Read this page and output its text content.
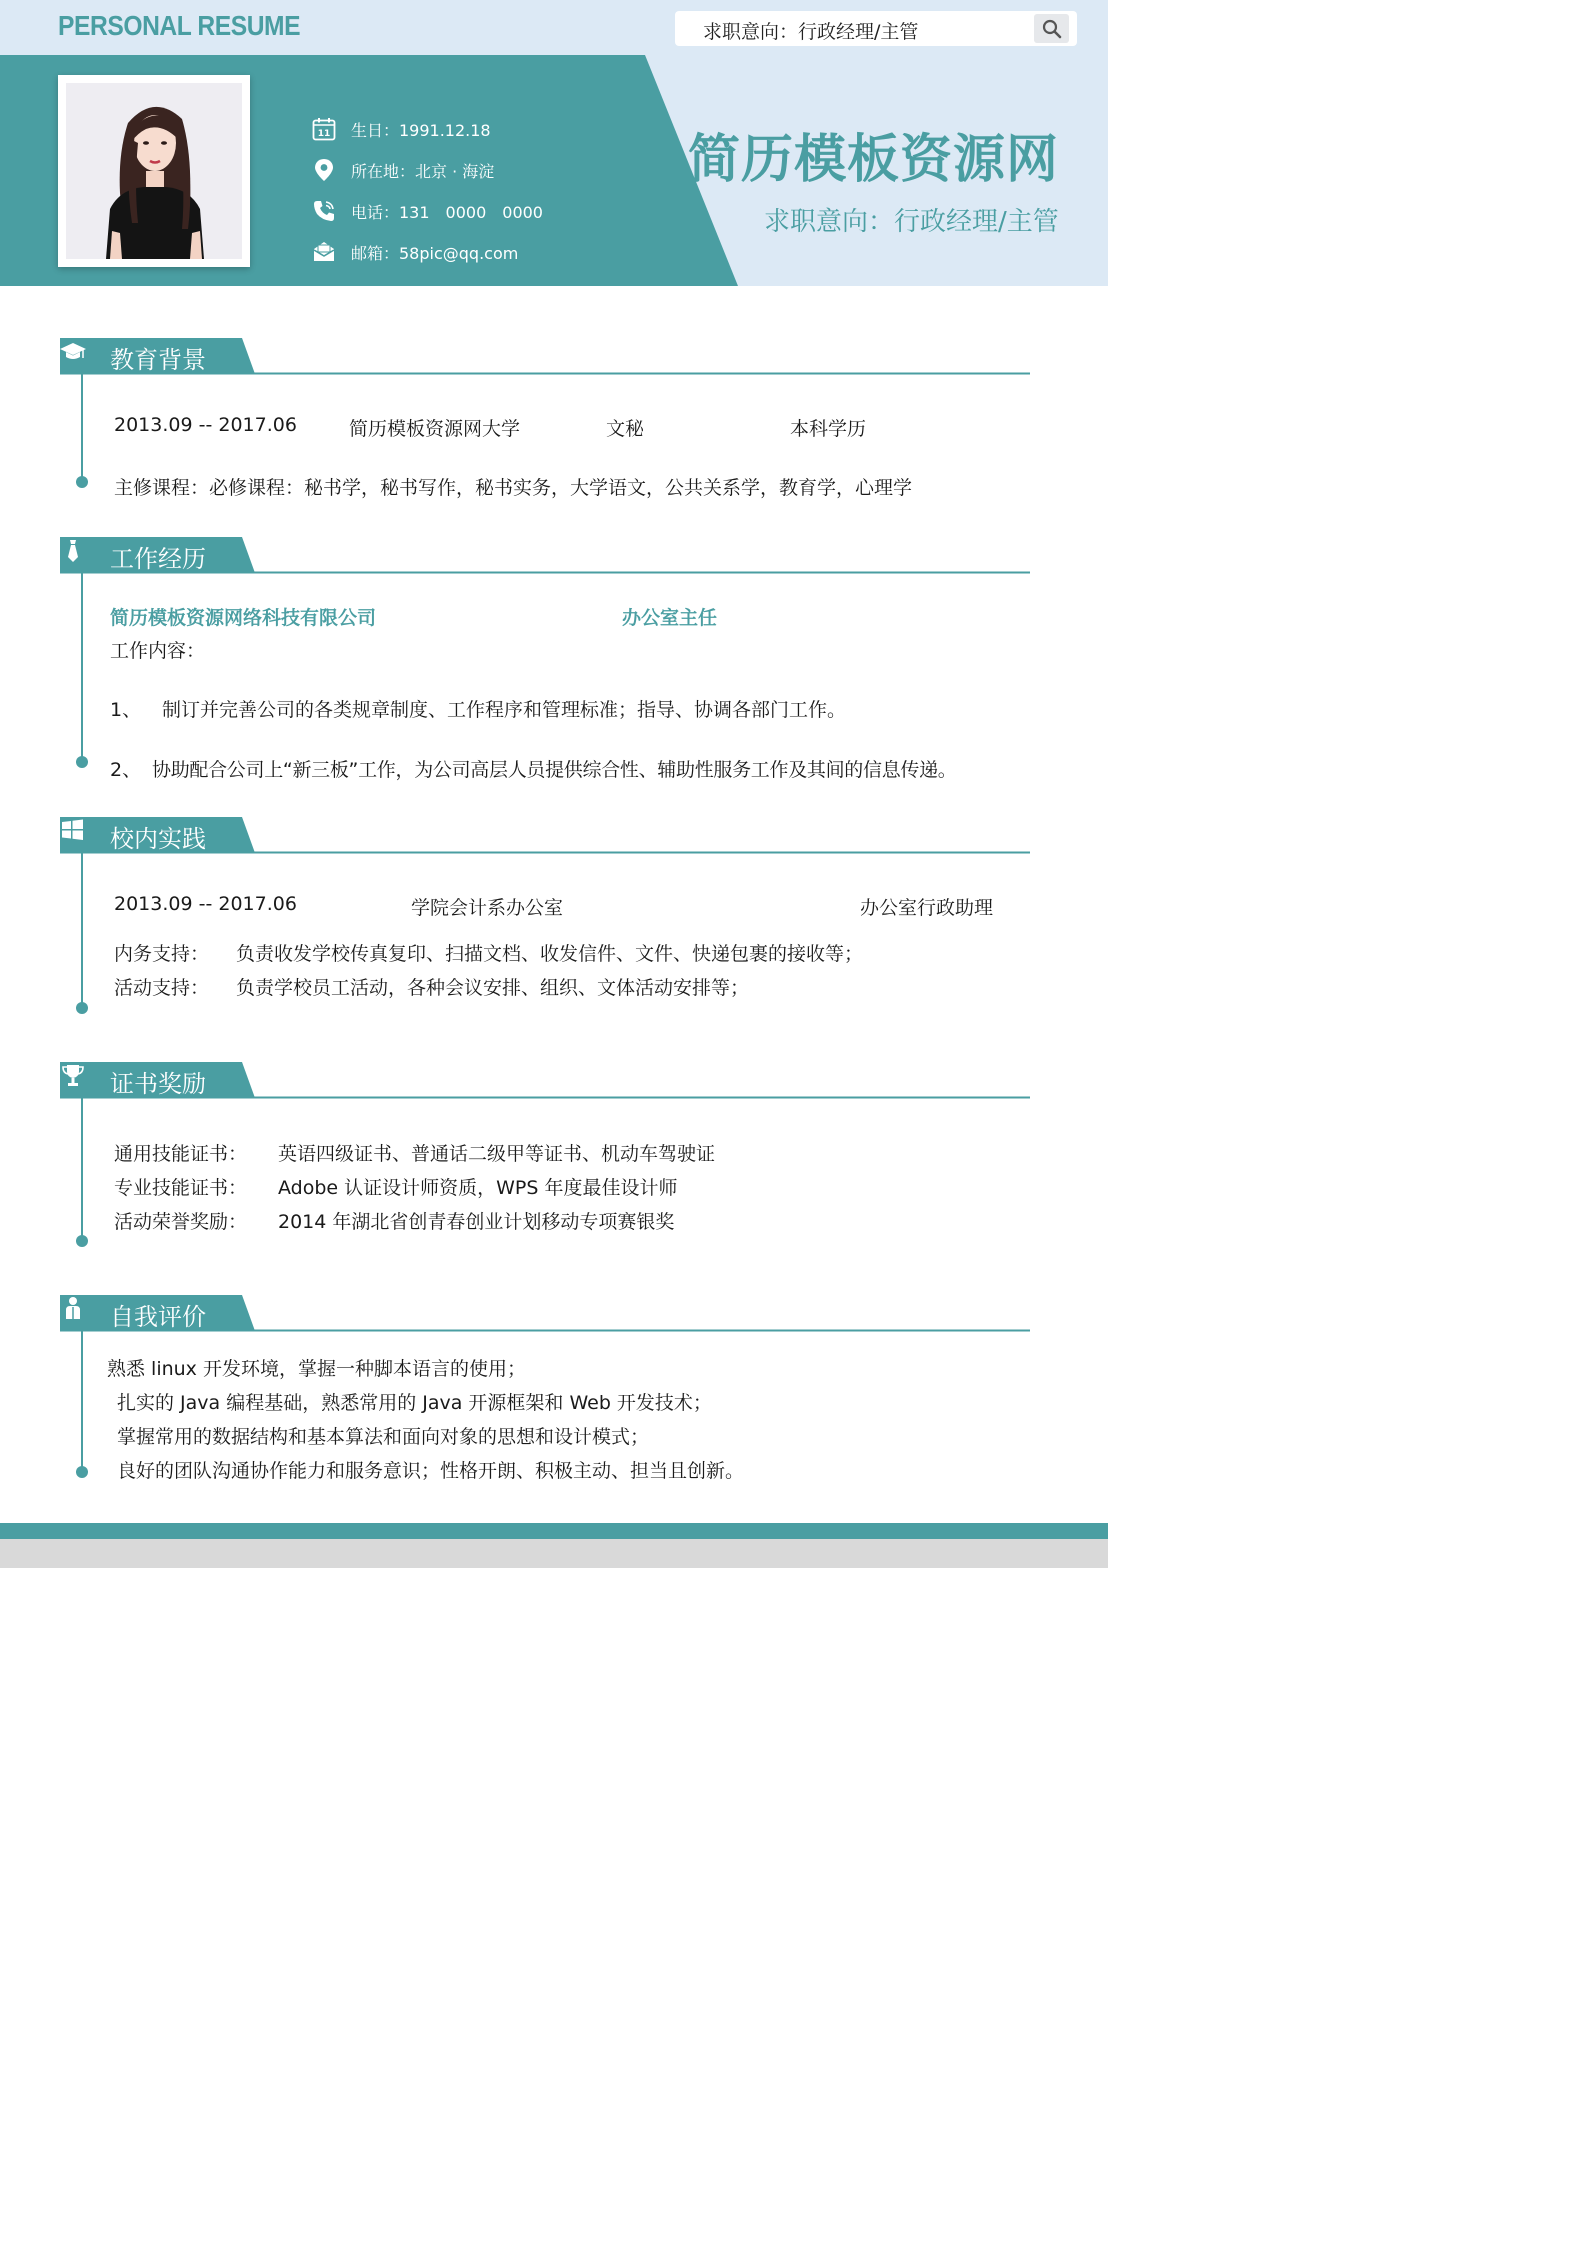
PERSONAL RESUME	求职意向：行政经理/主管
11 生日：1991.12.18
所在地：北京 · 海淀
电话：131　0000　0000
邮箱：58pic@qq.com
简历模板资源网
求职意向：行政经理/主管
教育背景
2013.09 -- 2017.06	简历模板资源网大学	文秘	本科学历
主修课程：必修课程：秘书学，秘书写作，秘书实务，大学语文，公共关系学，教育学，心理学
工作经历
简历模板资源网络科技有限公司	办公室主任
工作内容：
1、 制订并完善公司的各类规章制度、工作程序和管理标准；指导、协调各部门工作。
2、 协助配合公司上“新三板”工作，为公司高层人员提供综合性、辅助性服务工作及其间的信息传递。
校内实践
2013.09 -- 2017.06	学院会计系办公室	办公室行政助理
内务支持： 负责收发学校传真复印、扫描文档、收发信件、文件、快递包裹的接收等；
活动支持： 负责学校员工活动，各种会议安排、组织、文体活动安排等；
证书奖励
通用技能证书： 英语四级证书、普通话二级甲等证书、机动车驾驶证
专业技能证书： Adobe 认证设计师资质，WPS 年度最佳设计师
活动荣誉奖励： 2014 年湖北省创青春创业计划移动专项赛银奖
自我评价
熟悉 linux 开发环境，掌握一种脚本语言的使用；
扎实的 Java 编程基础，熟悉常用的 Java 开源框架和 Web 开发技术；
掌握常用的数据结构和基本算法和面向对象的思想和设计模式；
良好的团队沟通协作能力和服务意识；性格开朗、积极主动、担当且创新。
